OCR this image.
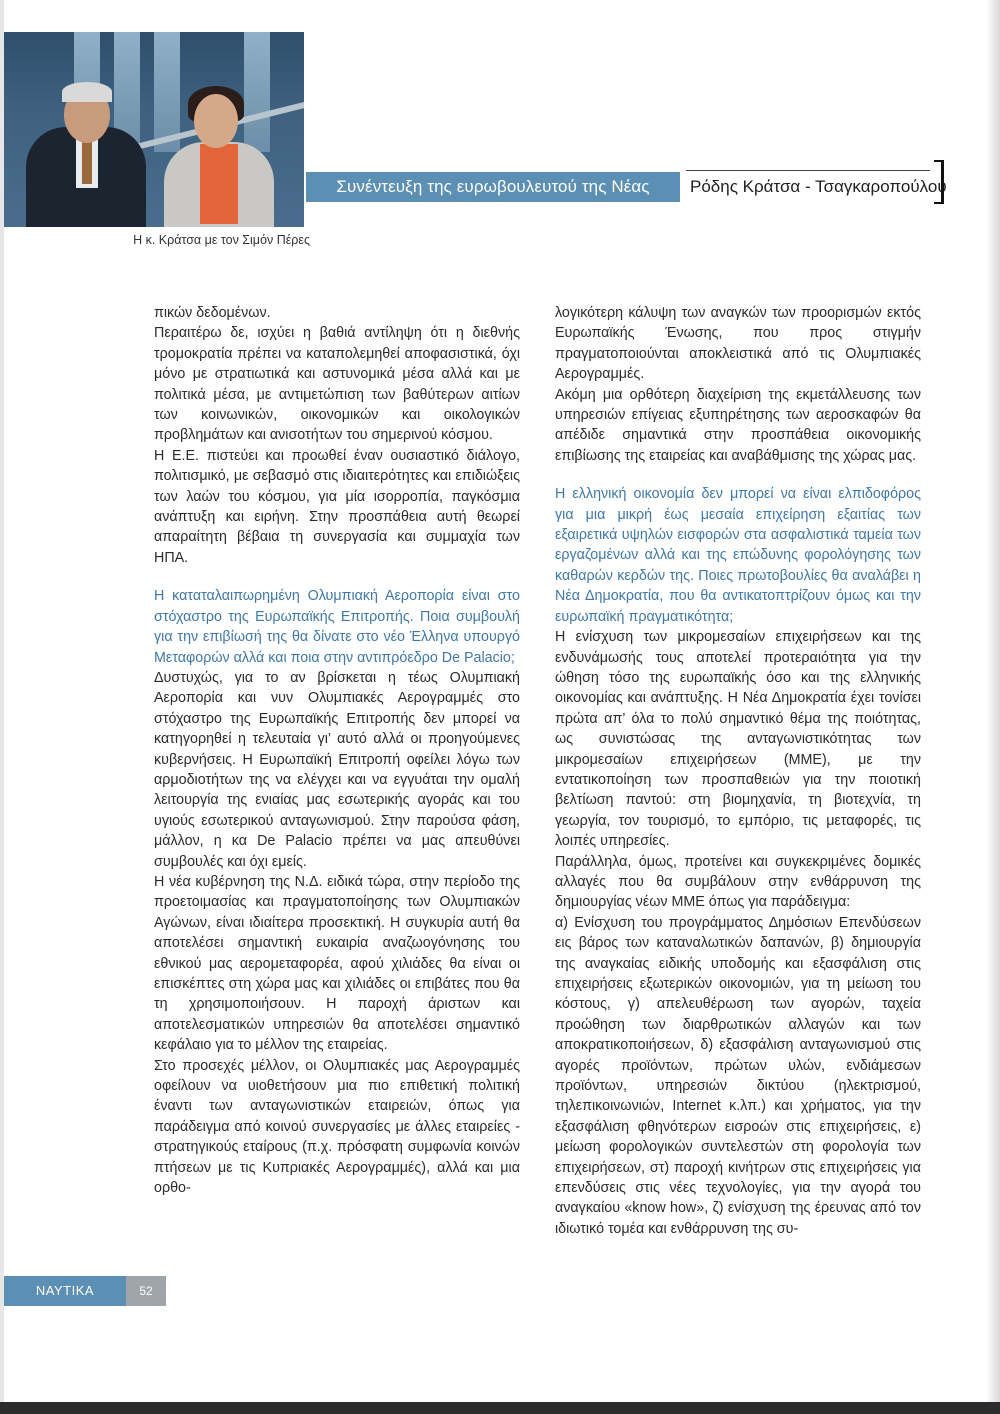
Η κ. Κράτσα με τον Σιμόν Πέρες
Συνέντευξη της ευρωβουλευτού της Νέας Δημοκρατίας
Ρόδης Κράτσα - Τσαγκαροπούλου

πικών δεδομένων.

Περαιτέρω δε, ισχύει η βαθιά αντίληψη ότι η διεθνής τρομοκρατία πρέπει να καταπολεμηθεί αποφασιστικά, όχι μόνο με στρατιωτικά και αστυνομικά μέσα αλλά και με πολιτικά μέσα, με αντιμετώπιση των βαθύτερων αιτίων των κοινωνικών, οικονομικών και οικολογικών προβλημάτων και ανισοτήτων του σημερινού κόσμου.

Η Ε.Ε. πιστεύει και προωθεί έναν ουσιαστικό διάλογο, πολιτισμικό, με σεβασμό στις ιδιαιτερότητες και επιδιώξεις των λαών του κόσμου, για μία ισορροπία, παγκόσμια ανάπτυξη και ειρήνη. Στην προσπάθεια αυτή θεωρεί απαραίτητη βέβαια τη συνεργασία και συμμαχία των ΗΠΑ.

Η καταταλαιπωρημένη Ολυμπιακή Αεροπορία είναι στο στόχαστρο της Ευρωπαϊκής Επιτροπής. Ποια συμβουλή για την επιβίωσή της θα δίνατε στο νέο Έλληνα υπουργό Μεταφορών αλλά και ποια στην αντιπρόεδρο De Palacio;

Δυστυχώς, για το αν βρίσκεται η τέως Ολυμπιακή Αεροπορία και νυν Ολυμπιακές Αερογραμμές στο στόχαστρο της Ευρωπαϊκής Επιτροπής δεν μπορεί να κατηγορηθεί η τελευταία γι’ αυτό αλλά οι προηγούμενες κυβερνήσεις. Η Ευρωπαϊκή Επιτροπή οφείλει λόγω των αρμοδιοτήτων της να ελέγχει και να εγγυάται την ομαλή λειτουργία της ενιαίας μας εσωτερικής αγοράς και του υγιούς εσωτερικού ανταγωνισμού. Στην παρούσα φάση, μάλλον, η κα De Palacio πρέπει να μας απευθύνει συμβουλές και όχι εμείς.

Η νέα κυβέρνηση της Ν.Δ. ειδικά τώρα, στην περίοδο της προετοιμασίας και πραγματοποίησης των Ολυμπιακών Αγώνων, είναι ιδιαίτερα προσεκτική. Η συγκυρία αυτή θα αποτελέσει σημαντική ευκαιρία αναζωογόνησης του εθνικού μας αερομεταφορέα, αφού χιλιάδες θα είναι οι επισκέπτες στη χώρα μας και χιλιάδες οι επιβάτες που θα τη χρησιμοποιήσουν. Η παροχή άριστων και αποτελεσματικών υπηρεσιών θα αποτελέσει σημαντικό κεφάλαιο για το μέλλον της εταιρείας.

Στο προσεχές μέλλον, οι Ολυμπιακές μας Αερογραμμές οφείλουν να υιοθετήσουν μια πιο επιθετική πολιτική έναντι των ανταγωνιστικών εταιρειών, όπως για παράδειγμα από κοινού συνεργασίες με άλλες εταιρείες - στρατηγικούς εταίρους (π.χ. πρόσφατη συμφωνία κοινών πτήσεων με τις Κυπριακές Αερογραμμές), αλλά και μια ορθο-

λογικότερη κάλυψη των αναγκών των προορισμών εκτός Ευρωπαϊκής Ένωσης, που προς στιγμήν πραγματοποιούνται αποκλειστικά από τις Ολυμπιακές Αερογραμμές.

Ακόμη μια ορθότερη διαχείριση της εκμετάλλευσης των υπηρεσιών επίγειας εξυπηρέτησης των αεροσκαφών θα απέδιδε σημαντικά στην προσπάθεια οικονομικής επιβίωσης της εταιρείας και αναβάθμισης της χώρας μας.

Η ελληνική οικονομία δεν μπορεί να είναι ελπιδοφόρος για μια μικρή έως μεσαία επιχείρηση εξαιτίας των εξαιρετικά υψηλών εισφορών στα ασφαλιστικά ταμεία των εργαζομένων αλλά και της επώδυνης φορολόγησης των καθαρών κερδών της. Ποιες πρωτοβουλίες θα αναλάβει η Νέα Δημοκρατία, που θα αντικατοπτρίζουν όμως και την ευρωπαϊκή πραγματικότητα;

Η ενίσχυση των μικρομεσαίων επιχειρήσεων και της ενδυνάμωσής τους αποτελεί προτεραιότητα για την ώθηση τόσο της ευρωπαϊκής όσο και της ελληνικής οικονομίας και ανάπτυξης. Η Νέα Δημοκρατία έχει τονίσει πρώτα απ’ όλα το πολύ σημαντικό θέμα της ποιότητας, ως συνιστώσας της ανταγωνιστικότητας των μικρομεσαίων επιχειρήσεων (ΜΜΕ), με την εντατικοποίηση των προσπαθειών για την ποιοτική βελτίωση παντού: στη βιομηχανία, τη βιοτεχνία, τη γεωργία, τον τουρισμό, το εμπόριο, τις μεταφορές, τις λοιπές υπηρεσίες.

Παράλληλα, όμως, προτείνει και συγκεκριμένες δομικές αλλαγές που θα συμβάλουν στην ενθάρρυνση της δημιουργίας νέων ΜΜΕ όπως για παράδειγμα:

α) Ενίσχυση του προγράμματος Δημόσιων Επενδύσεων εις βάρος των καταναλωτικών δαπανών, β) δημιουργία της αναγκαίας ειδικής υποδομής και εξασφάλιση στις επιχειρήσεις εξωτερικών οικονομιών, για τη μείωση του κόστους, γ) απελευθέρωση των αγορών, ταχεία προώθηση των διαρθρωτικών αλλαγών και των αποκρατικοποιήσεων, δ) εξασφάλιση ανταγωνισμού στις αγορές προϊόντων, πρώτων υλών, ενδιάμεσων προϊόντων, υπηρεσιών δικτύου (ηλεκτρισμού, τηλεπικοινωνιών, Internet κ.λπ.) και χρήματος, για την εξασφάλιση φθηνότερων εισροών στις επιχειρήσεις, ε) μείωση φορολογικών συντελεστών στη φορολογία των επιχειρήσεων, στ) παροχή κινήτρων στις επιχειρήσεις για επενδύσεις στις νέες τεχνολογίες, για την αγορά του αναγκαίου «know how», ζ) ενίσχυση της έρευνας από τον ιδιωτικό τομέα και ενθάρρυνση της συ-

ΝΑΥΤΙΚΑ ΧΡΟΝΙΚΑ
52
